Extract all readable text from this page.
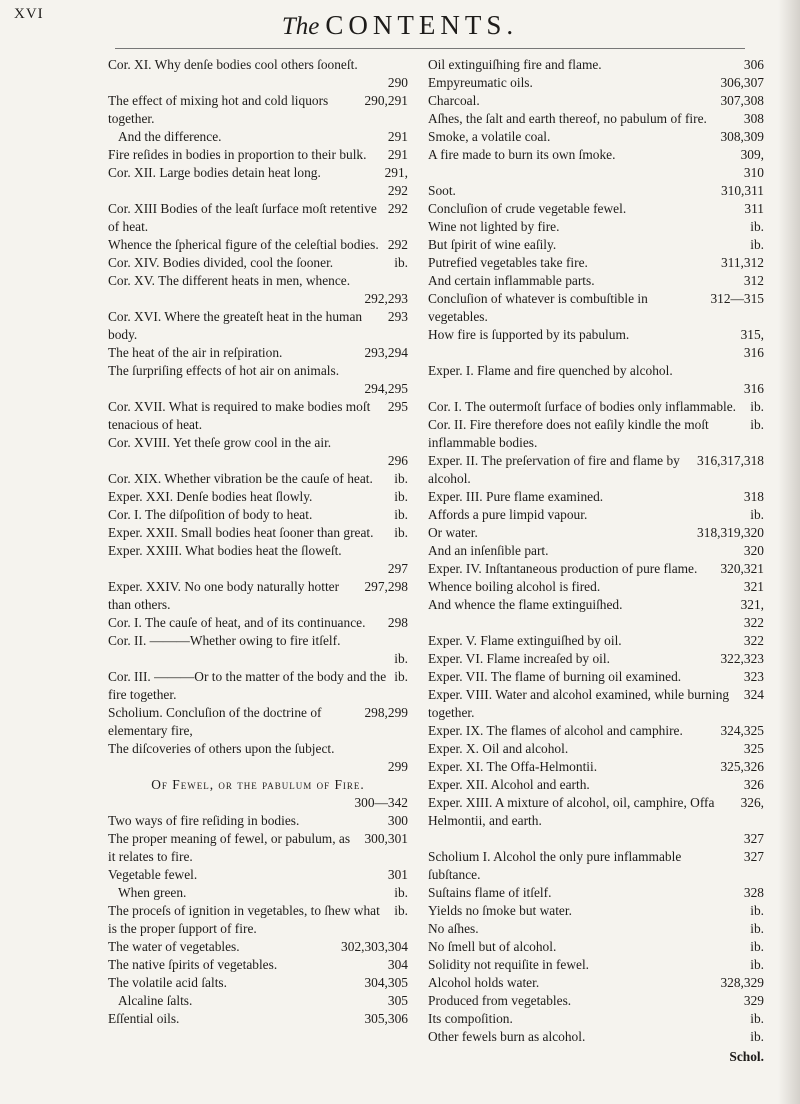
XVI	The CONTENTS.
Cor. XI. Why denſe bodies cool others ſooneſt.
290
The effect of mixing hot and cold liquors together.
290,291
And the difference.	291
Fire reſides in bodies in proportion to their bulk.	291
Cor. XII. Large bodies detain heat long.	291,
292
Cor. XIII Bodies of the leaſt ſurface moſt retentive of heat.
292
Whence the ſpherical figure of the celeſtial bodies. 292
Cor. XIV. Bodies divided, cool the ſooner.	ib.
Cor. XV. The different heats in men, whence.
292,293
Cor. XVI. Where the greateſt heat in the human body.
293
The heat of the air in reſpiration.	293,294
The ſurpriſing effects of hot air on animals.
294,295
Cor. XVII. What is required to make bodies moſt tenacious of heat.
295
Cor. XVIII. Yet theſe grow cool in the air.
296
Cor. XIX. Whether vibration be the cauſe of heat.	ib.
Exper. XXI. Denſe bodies heat ſlowly.	ib.
Cor. I. The diſpoſition of body to heat.	ib.
Exper. XXII. Small bodies heat ſooner than great.	ib.
Exper. XXIII. What bodies heat the ſloweſt.
297
Exper. XXIV. No one body naturally hotter than others.
297,298
Cor. I. The cauſe of heat, and of its continuance.	298
Cor. II. ———Whether owing to fire itſelf.
ib.
Cor. III. ———Or to the matter of the body and the fire together.
ib.
Scholium. Concluſion of the doctrine of elementary fire,
298,299
The diſcoveries of others upon the ſubject.
299
Of Fewel, or the pabulum of Fire.
300—342
Two ways of fire reſiding in bodies.	300
The proper meaning of fewel, or pabulum, as it relates to fire.
300,301
Vegetable fewel.	301
When green.	ib.
The proceſs of ignition in vegetables, to ſhew what is the proper ſupport of fire.
ib.
The water of vegetables.	302,303,304
The native ſpirits of vegetables.	304
The volatile acid ſalts.	304,305
Alcaline ſalts.	305
Eſſential oils.	305,306
Oil extinguiſhing fire and flame.	306
Empyreumatic oils.	306,307
Charcoal.	307,308
Aſhes, the ſalt and earth thereof, no pabulum of fire.	308
Smoke, a volatile coal.	308,309
A fire made to burn its own ſmoke.	309,
310
Soot.	310,311
Concluſion of crude vegetable fewel.	311
Wine not lighted by fire.	ib.
But ſpirit of wine eaſily.	ib.
Putrefied vegetables take fire.	311,312
And certain inflammable parts.	312
Concluſion of whatever is combuſtible in vegetables.
312—315
How fire is ſupported by its pabulum.	315,
316
Exper. I. Flame and fire quenched by alcohol.
316
Cor. I. The outermoſt ſurface of bodies only inflammable.	ib.
Cor. II. Fire therefore does not eaſily kindle the moſt inflammable bodies.
ib.
Exper. II. The preſervation of fire and flame by alcohol.
316,317,318
Exper. III. Pure flame examined.	318
Affords a pure limpid vapour.	ib.
Or water.	318,319,320
And an inſenſible part.	320
Exper. IV. Inſtantaneous production of pure flame.	320,321
Whence boiling alcohol is fired.	321
And whence the flame extinguiſhed.	321,
322
Exper. V. Flame extinguiſhed by oil.	322
Exper. VI. Flame increaſed by oil.	322,323
Exper. VII. The flame of burning oil examined.	323
Exper. VIII. Water and alcohol examined, while burning together.
324
Exper. IX. The flames of alcohol and camphire.	324,325
Exper. X. Oil and alcohol.	325
Exper. XI. The Offa-Helmontii.	325,326
Exper. XII. Alcohol and earth.	326
Exper. XIII. A mixture of alcohol, oil, camphire, Offa Helmontii, and earth.
326,
327
Scholium I. Alcohol the only pure inflammable ſubſtance.
327
Suſtains flame of itſelf.	328
Yields no ſmoke but water.	ib.
No aſhes.	ib.
No ſmell but of alcohol.	ib.
Solidity not requiſite in fewel.	ib.
Alcohol holds water.	328,329
Produced from vegetables.	329
Its compoſition.	ib.
Other fewels burn as alcohol.	ib.
Schol.
